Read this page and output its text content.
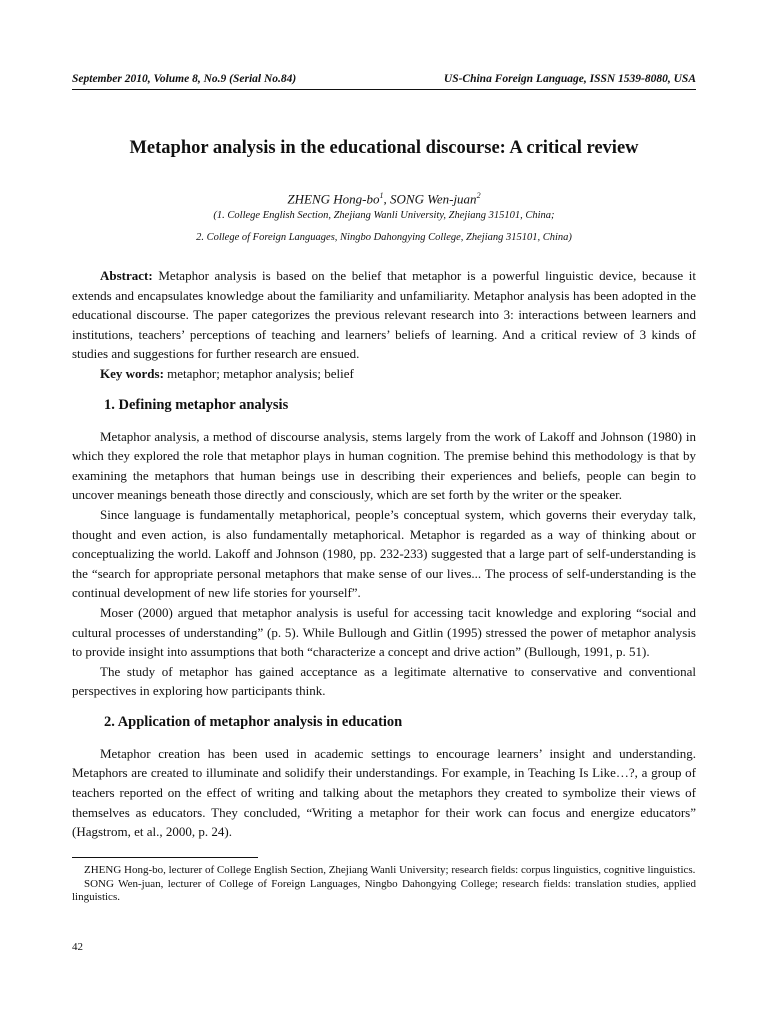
September 2010, Volume 8, No.9 (Serial No.84)	US-China Foreign Language, ISSN 1539-8080, USA
Metaphor analysis in the educational discourse: A critical review
ZHENG Hong-$bo^1$, SONG Wen-juan$^2$
(1. College English Section, Zhejiang Wanli University, Zhejiang 315101, China;
2. College of Foreign Languages, Ningbo Dahongying College, Zhejiang 315101, China)

Abstract: Metaphor analysis is based on the belief that metaphor is a powerful linguistic device, because it extends and encapsulates knowledge about the familiarity and unfamiliarity. Metaphor analysis has been adopted in the educational discourse. The paper categorizes the previous relevant research into 3: interactions between learners and institutions, teachers’ perceptions of teaching and learners’ beliefs of learning. And a critical review of 3 kinds of studies and suggestions for further research are ensued.

Key words: metaphor; metaphor analysis; belief

1. Defining metaphor analysis

Metaphor analysis, a method of discourse analysis, stems largely from the work of Lakoff and Johnson (1980) in which they explored the role that metaphor plays in human cognition. The premise behind this methodology is that by examining the metaphors that human beings use in describing their experiences and beliefs, people can begin to uncover meanings beneath those directly and consciously, which are set forth by the writer or the speaker.

Since language is fundamentally metaphorical, people’s conceptual system, which governs their everyday talk, thought and even action, is also fundamentally metaphorical. Metaphor is regarded as a way of thinking about or conceptualizing the world. Lakoff and Johnson (1980, pp. 232-233) suggested that a large part of self-understanding is the “search for appropriate personal metaphors that make sense of our lives... The process of self-understanding is the continual development of new life stories for yourself”.

Moser (2000) argued that metaphor analysis is useful for accessing tacit knowledge and exploring “social and cultural processes of understanding” (p. 5). While Bullough and Gitlin (1995) stressed the power of metaphor analysis to provide insight into assumptions that both “characterize a concept and drive action” (Bullough, 1991, p. 51).

The study of metaphor has gained acceptance as a legitimate alternative to conservative and conventional perspectives in exploring how participants think.

2. Application of metaphor analysis in education

Metaphor creation has been used in academic settings to encourage learners’ insight and understanding. Metaphors are created to illuminate and solidify their understandings. For example, in Teaching Is Like…?, a group of teachers reported on the effect of writing and talking about the metaphors they created to symbolize their views of themselves as educators. They concluded, “Writing a metaphor for their work can focus and energize educators” (Hagstrom, et al., 2000, p. 24).

ZHENG Hong-bo, lecturer of College English Section, Zhejiang Wanli University; research fields: corpus linguistics, cognitive linguistics.

SONG Wen-juan, lecturer of College of Foreign Languages, Ningbo Dahongying College; research fields: translation studies, applied linguistics.

42
